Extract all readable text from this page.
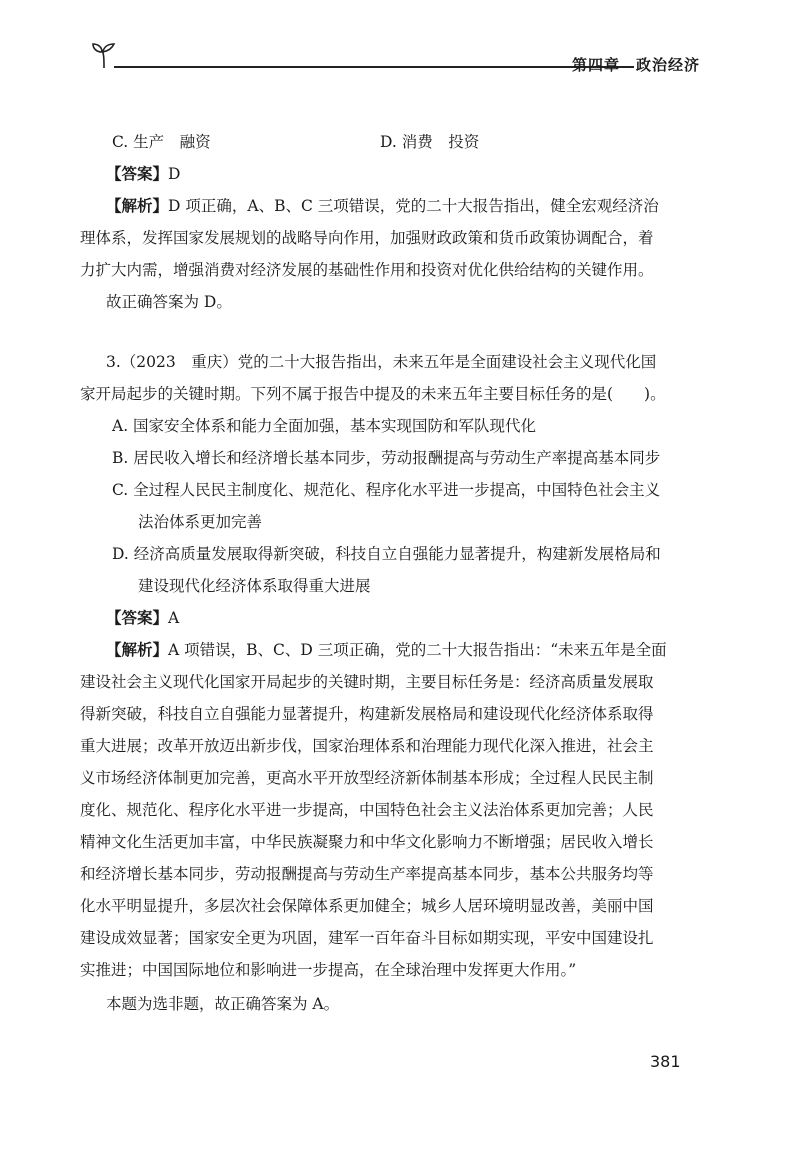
第四章　政治经济
C. 生产　融资	D. 消费　投资
【答案】D
【解析】D 项正确，A、B、C 三项错误，党的二十大报告指出，健全宏观经济治
理体系，发挥国家发展规划的战略导向作用，加强财政政策和货币政策协调配合，着
力扩大内需，增强消费对经济发展的基础性作用和投资对优化供给结构的关键作用。
故正确答案为 D。
3.（2023　重庆）党的二十大报告指出，未来五年是全面建设社会主义现代化国
家开局起步的关键时期。下列不属于报告中提及的未来五年主要目标任务的是(　　)。
A. 国家安全体系和能力全面加强，基本实现国防和军队现代化
B. 居民收入增长和经济增长基本同步，劳动报酬提高与劳动生产率提高基本同步
C. 全过程人民民主制度化、规范化、程序化水平进一步提高，中国特色社会主义
法治体系更加完善
D. 经济高质量发展取得新突破，科技自立自强能力显著提升，构建新发展格局和
建设现代化经济体系取得重大进展
【答案】A
【解析】A 项错误，B、C、D 三项正确，党的二十大报告指出：“未来五年是全面
建设社会主义现代化国家开局起步的关键时期，主要目标任务是：经济高质量发展取
得新突破，科技自立自强能力显著提升，构建新发展格局和建设现代化经济体系取得
重大进展；改革开放迈出新步伐，国家治理体系和治理能力现代化深入推进，社会主
义市场经济体制更加完善，更高水平开放型经济新体制基本形成；全过程人民民主制
度化、规范化、程序化水平进一步提高，中国特色社会主义法治体系更加完善；人民
精神文化生活更加丰富，中华民族凝聚力和中华文化影响力不断增强；居民收入增长
和经济增长基本同步，劳动报酬提高与劳动生产率提高基本同步，基本公共服务均等
化水平明显提升，多层次社会保障体系更加健全；城乡人居环境明显改善，美丽中国
建设成效显著；国家安全更为巩固，建军一百年奋斗目标如期实现，平安中国建设扎
实推进；中国国际地位和影响进一步提高，在全球治理中发挥更大作用。”
本题为选非题，故正确答案为 A。
381
